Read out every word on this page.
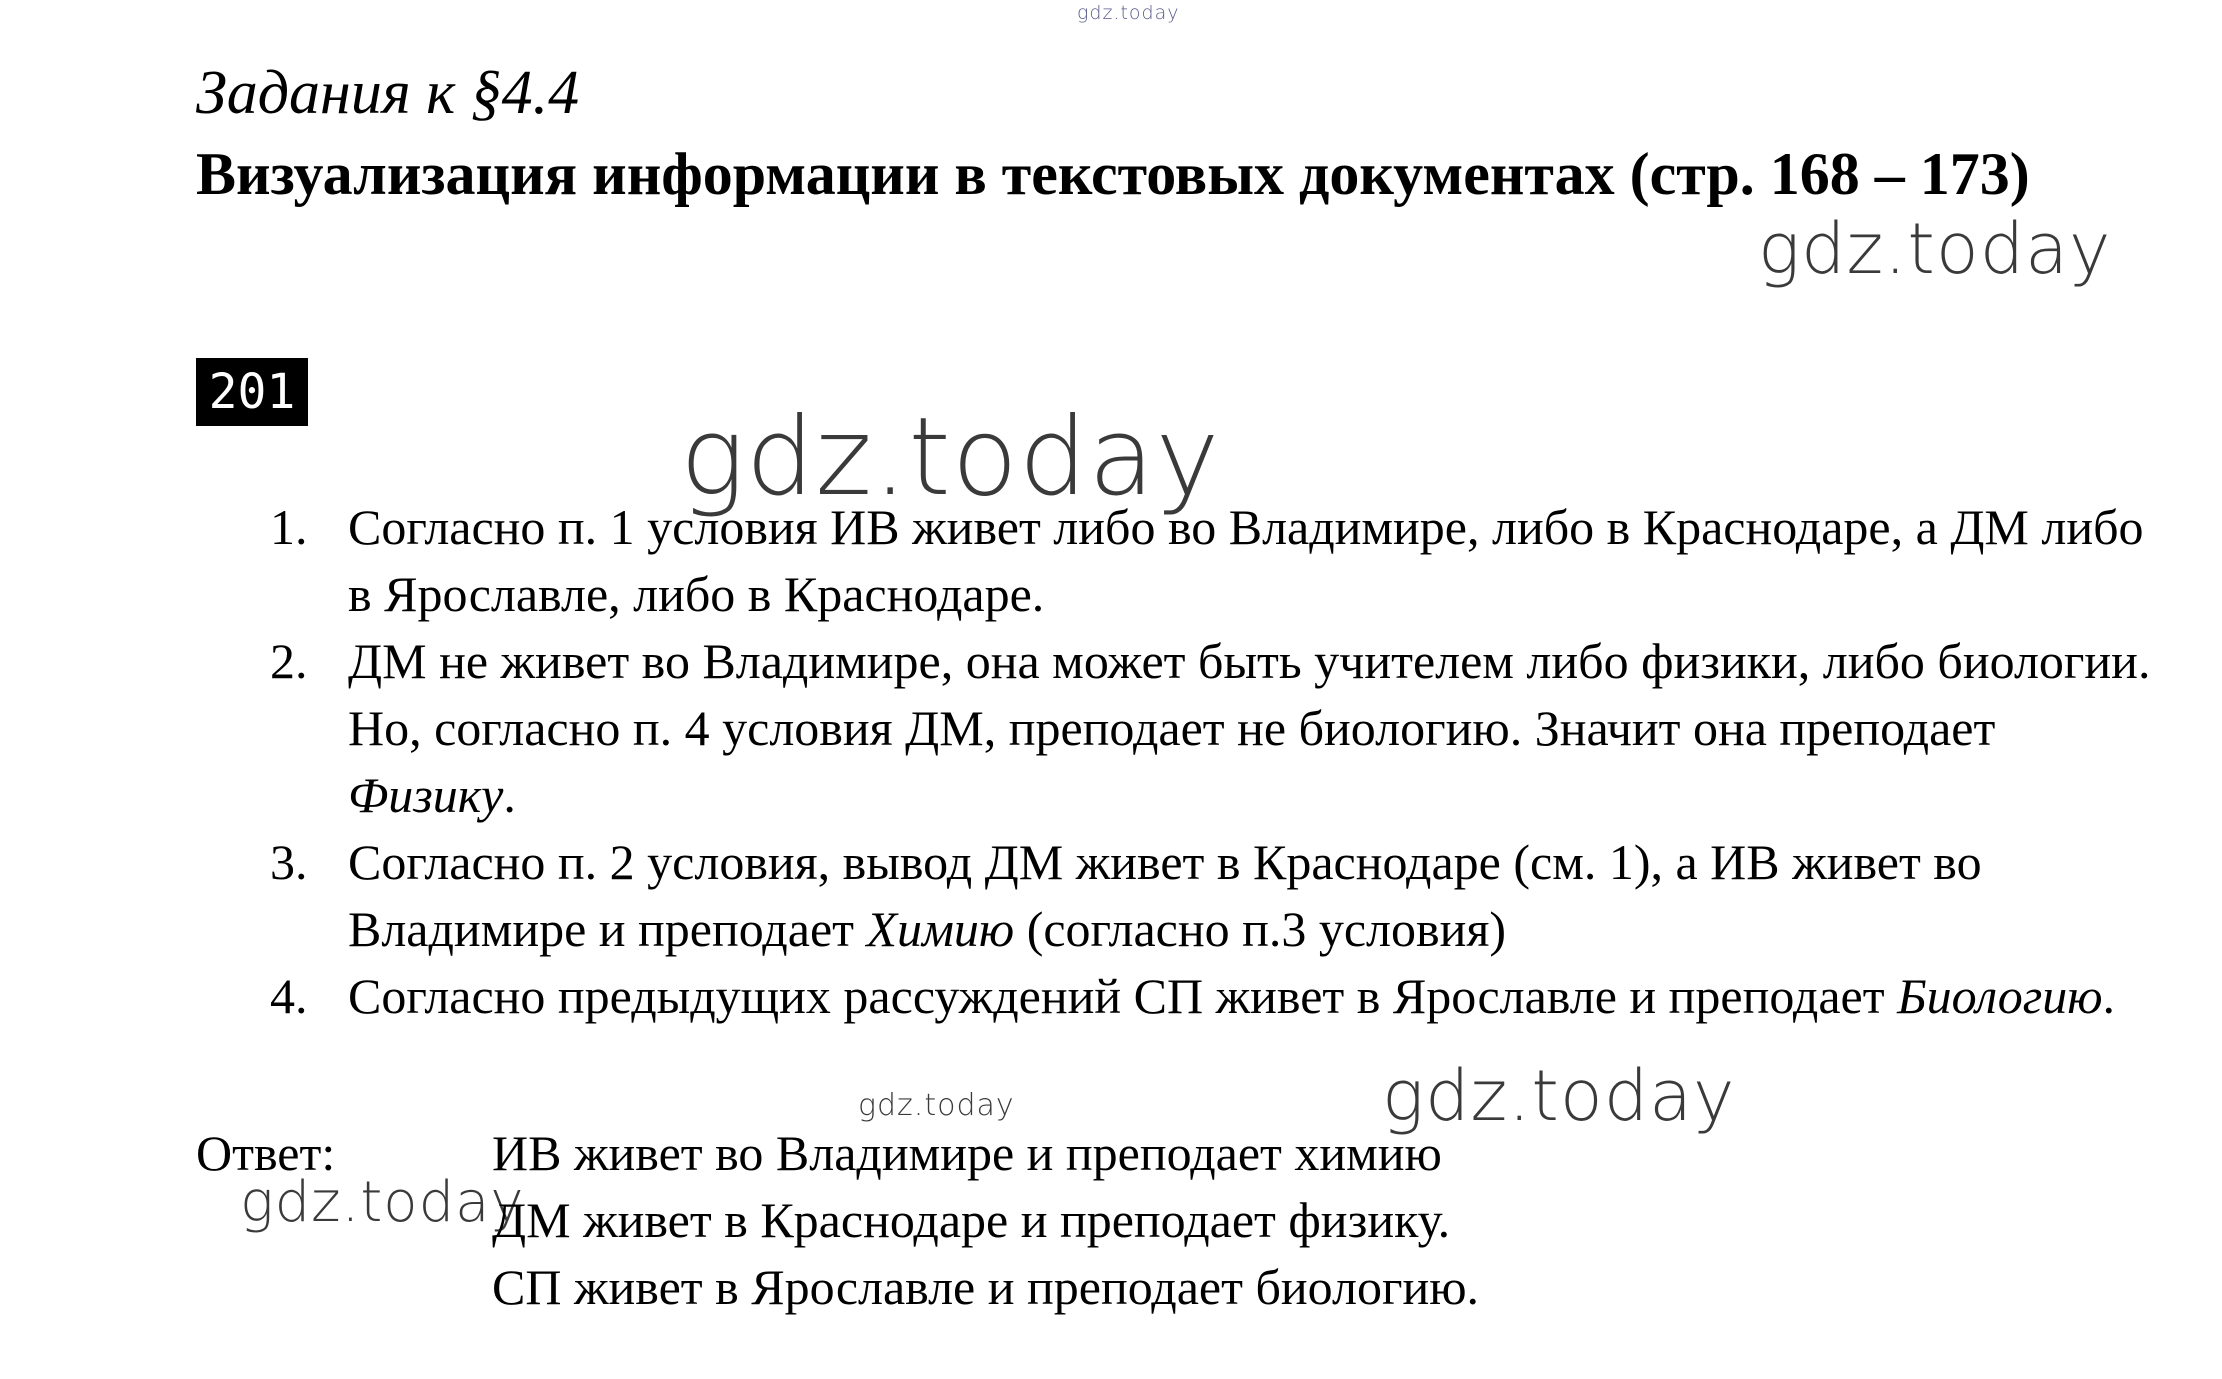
gdz.today
gdz.today
gdz.today
gdz.today
gdz.today
gdz.today
Задания к §4.4
Визуализация информации в текстовых документах (стр. 168 – 173)
201
1. Согласно п. 1 условия ИВ живет либо во Владимире, либо в Краснодаре, а ДМ либо в Ярославле, либо в Краснодаре.
2. ДМ не живет во Владимире, она может быть учителем либо физики, либо биологии. Но, согласно п. 4 условия ДМ, преподает не биологию. Значит она преподает Физику.
3. Согласно п. 2 условия, вывод ДМ живет в Краснодаре (см. 1), а ИВ живет во Владимире и преподает Химию (согласно п.3 условия)
4. Согласно предыдущих рассуждений СП живет в Ярославле и преподает Биологию.
Ответ:	ИВ живет во Владимире и преподает химию
ДМ живет в Краснодаре и преподает физику.
СП живет в Ярославле и преподает биологию.
